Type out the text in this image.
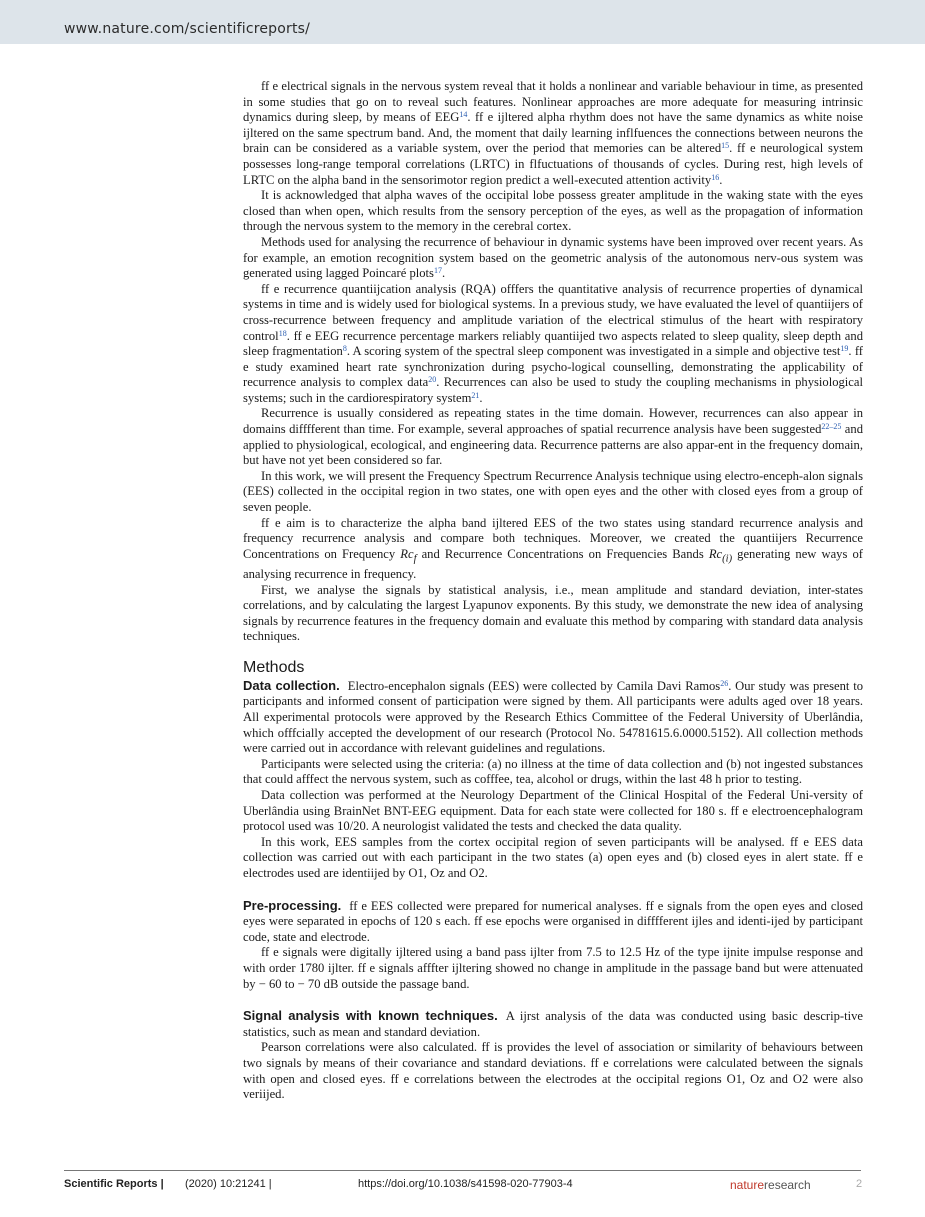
www.nature.com/scientificreports/

ff e electrical signals in the nervous system reveal that it holds a nonlinear and variable behaviour in time, as presented in some studies that go on to reveal such features. Nonlinear approaches are more adequate for measuring intrinsic dynamics during sleep, by means of EEG$^{14}$. ff e ijltered alpha rhythm does not have the same dynamics as white noise ijltered on the same spectrum band. And, the moment that daily learning inflfuences the connections between neurons the brain can be considered as a variable system, over the period that memories can be altered$^{15}$. ff e neurological system possesses long-range temporal correlations (LRTC) in flfuctuations of thousands of cycles. During rest, high levels of LRTC on the alpha band in the sensorimotor region predict a well-executed attention activity$^{16}$.

It is acknowledged that alpha waves of the occipital lobe possess greater amplitude in the waking state with the eyes closed than when open, which results from the sensory perception of the eyes, as well as the propagation of information through the nervous system to the memory in the cerebral cortex.

Methods used for analysing the recurrence of behaviour in dynamic systems have been improved over recent years. As for example, an emotion recognition system based on the geometric analysis of the autonomous nerv-ous system was generated using lagged Poincaré plots$^{17}$.

ff e recurrence quantiijcation analysis (RQA) offfers the quantitative analysis of recurrence properties of dynamical systems in time and is widely used for biological systems. In a previous study, we have evaluated the level of quantiijers of cross-recurrence between frequency and amplitude variation of the electrical stimulus of the heart with respiratory control$^{18}$. ff e EEG recurrence percentage markers reliably quantiijed two aspects related to sleep quality, sleep depth and sleep fragmentation$^8$. A scoring system of the spectral sleep component was investigated in a simple and objective test$^{19}$. ff e study examined heart rate synchronization during psycho-logical counselling, demonstrating the applicability of recurrence analysis to complex data$^{20}$. Recurrences can also be used to study the coupling mechanisms in physiological systems; such in the cardiorespiratory system$^{21}$.

Recurrence is usually considered as repeating states in the time domain. However, recurrences can also appear in domains difffferent than time. For example, several approaches of spatial recurrence analysis have been suggested$^{22-25}$ and applied to physiological, ecological, and engineering data. Recurrence patterns are also appar-ent in the frequency domain, but have not yet been considered so far.

In this work, we will present the Frequency Spectrum Recurrence Analysis technique using electro-enceph-alon signals (EES) collected in the occipital region in two states, one with open eyes and the other with closed eyes from a group of seven people.

ff e aim is to characterize the alpha band ijltered EES of the two states using standard recurrence analysis and frequency recurrence analysis and compare both techniques. Moreover, we created the quantiijers Recurrence Concentrations on Frequency $Rc_f$ and Recurrence Concentrations on Frequencies Bands $Rc_{(i)}$ generating new ways of analysing recurrence in frequency.

First, we analyse the signals by statistical analysis, i.e., mean amplitude and standard deviation, inter-states correlations, and by calculating the largest Lyapunov exponents. By this study, we demonstrate the new idea of analysing signals by recurrence features in the frequency domain and evaluate this method by comparing with standard data analysis techniques.

Methods

Data collection. Electro-encephalon signals (EES) were collected by Camila Davi Ramos$^{26}$. Our study was present to participants and informed consent of participation were signed by them. All participants were adults aged over 18 years. All experimental protocols were approved by the Research Ethics Committee of the Federal University of Uberlândia, which offfcially accepted the development of our research (Protocol No. 54781615.6.0000.5152). All collection methods were carried out in accordance with relevant guidelines and regulations.

Participants were selected using the criteria: (a) no illness at the time of data collection and (b) not ingested substances that could afffect the nervous system, such as cofffee, tea, alcohol or drugs, within the last 48 h prior to testing.

Data collection was performed at the Neurology Department of the Clinical Hospital of the Federal Uni-versity of Uberlândia using BrainNet BNT-EEG equipment. Data for each state were collected for 180 s. ff e electroencephalogram protocol used was 10/20. A neurologist validated the tests and checked the data quality.

In this work, EES samples from the cortex occipital region of seven participants will be analysed. ff e EES data collection was carried out with each participant in the two states (a) open eyes and (b) closed eyes in alert state. ff e electrodes used are identiijed by O1, Oz and O2.

Pre-processing. ff e EES collected were prepared for numerical analyses. ff e signals from the open eyes and closed eyes were separated in epochs of 120 s each. ff ese epochs were organised in difffferent ijles and identi-ijed by participant code, state and electrode.

ff e signals were digitally ijltered using a band pass ijlter from 7.5 to 12.5 Hz of the type ijnite impulse response and with order 1780 ijlter. ff e signals afffter ijltering showed no change in amplitude in the passage band but were attenuated by − 60 to − 70 dB outside the passage band.

Signal analysis with known techniques. A ijrst analysis of the data was conducted using basic descrip-tive statistics, such as mean and standard deviation.

Pearson correlations were also calculated. ff is provides the level of association or similarity of behaviours between two signals by means of their covariance and standard deviations. ff e correlations were calculated between the signals with open and closed eyes. ff e correlations between the electrodes at the occipital regions O1, Oz and O2 were also veriijed.

Scientific Reports | (2020) 10:21241 |	https://doi.org/10.1038/s41598-020-77903-4	natureresearch	2
